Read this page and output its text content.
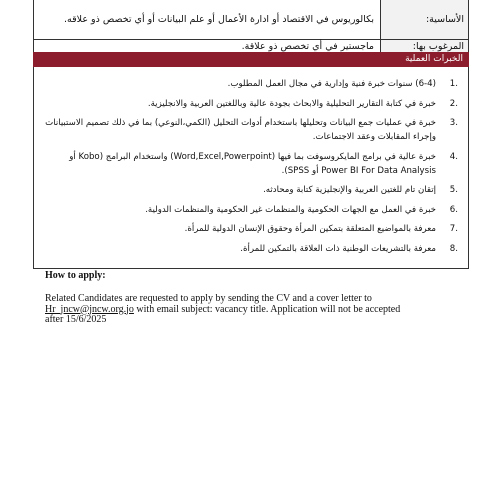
الأساسية:
بكالوريوس في الاقتصاد أو ادارة الأعمال أو علم البيانات أو أي تخصص ذو علاقه.
المرغوب بها:
ماجستير في أي تخصص ذو علاقة.
الخبرات العملية
1.
(6-4) سنوات خبرة فنية وإدارية في مجال العمل المطلوب.
2.
خبرة في كتابة التقارير التحليلية والابحاث بجودة عالية وباللغتين العربية والانجليزية.
3.
خبرة في عمليات جمع البيانات وتحليلها باستخدام أدوات التحليل (الكمي،النوعي) بما في ذلك تصميم الاستبيانات وإجراء المقابلات وعقد الاجتماعات.
4.
خبرة عالية في برامج المايكروسوفت بما فيها (Word,Excel,Powerpoint) واستخدام البرامج (Kobo أو Power BI For Data Analysis أو SPSS).
5.
إتقان تام للغتين العربية والإنجليزية كتابة ومحادثه.
6.
خبرة في العمل مع الجهات الحكومية والمنظمات غير الحكومية والمنظمات الدولية.
7.
معرفة بالمواضيع المتعلقة بتمكين المرأة وحقوق الإنسان الدولية للمرأة.
8.
معرفة بالتشريعات الوطنية ذات العلاقة بالتمكين للمرأة.
How to apply:
Related Candidates are requested to apply by sending the CV and a cover letter to
Hr_jncw@jncw.org.jo with email subject: vacancy title. Application will not be accepted
after 15/6/2025
